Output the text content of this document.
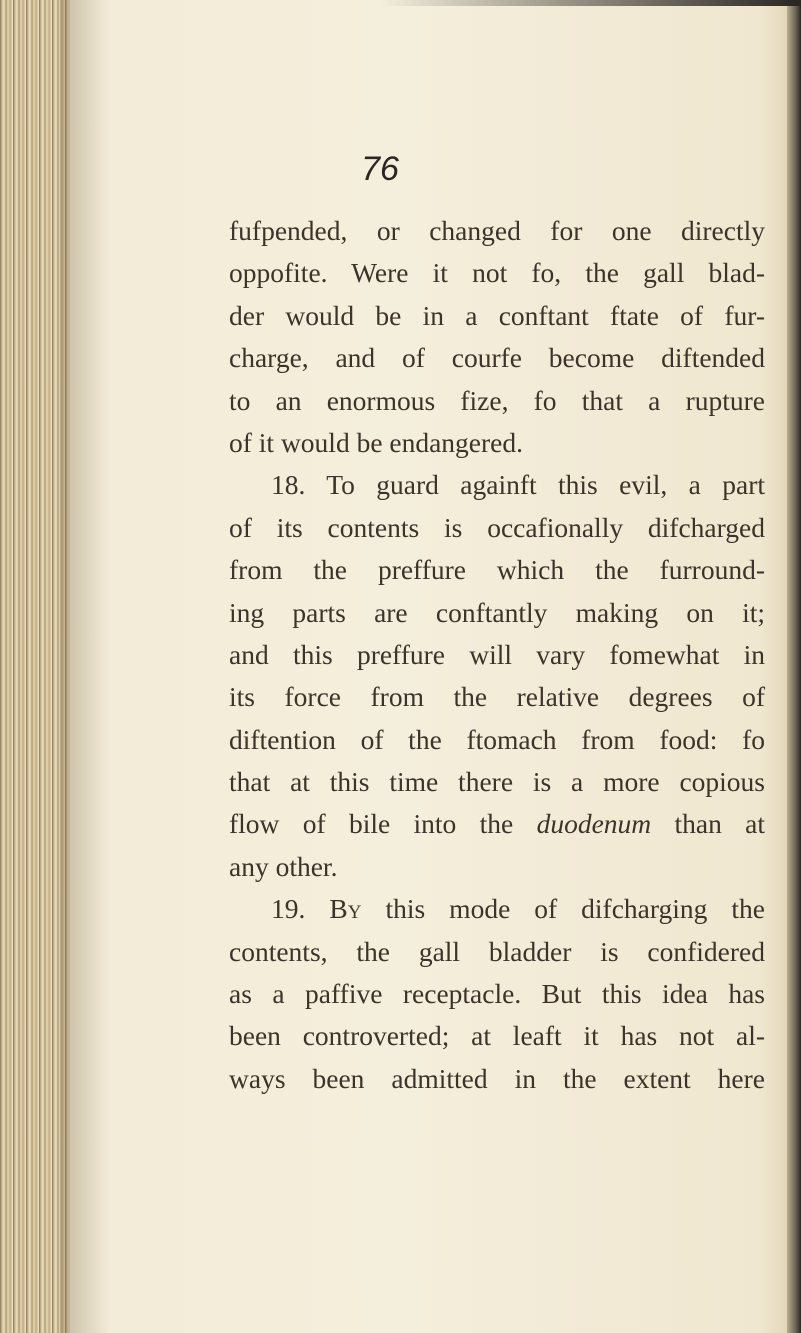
76
fufpended, or changed for one directly
oppofite. Were it not fo, the gall blad-
der would be in a conftant ftate of fur-
charge, and of courfe become diftended
to an enormous fize, fo that a rupture
of it would be endangered.
18. To guard againft this evil, a part
of its contents is occafionally difcharged
from the preffure which the furround-
ing parts are conftantly making on it;
and this preffure will vary fomewhat in
its force from the relative degrees of
diftention of the ftomach from food: fo
that at this time there is a more copious
flow of bile into the duodenum than at
any other.
19. By this mode of difcharging the
contents, the gall bladder is confidered
as a paffive receptacle. But this idea has
been controverted; at leaft it has not al-
ways been admitted in the extent here
